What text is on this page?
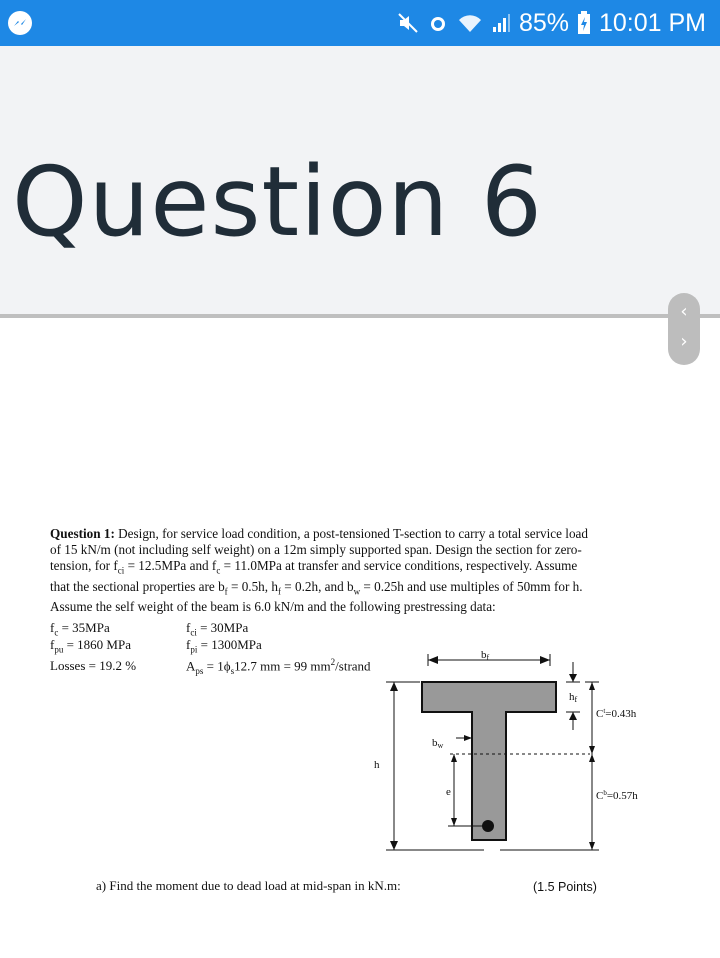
85% 10:01 PM
Question 6
‹
›
Question 1: Design, for service load condition, a post-tensioned T-section to carry a total service load
of 15 kN/m (not including self weight) on a 12m simply supported span. Design the section for zero-
tension, for $f_{ci} = 12.5MPa$ and $f_c = 11.0MPa$ at transfer and service conditions, respectively. Assume
that the sectional properties are $b_f = 0.5h$, $h_f = 0.2h$, and $b_w = 0.25h$ and use multiples of 50mm for h.
Assume the self weight of the beam is 6.0 kN/m and the following prestressing data:
$f_c = 35MPa$	$f_{ci} = 30MPa$
$f_{pu} = 1860$ MPa	$f_{pi} = 1300MPa$
Losses = 19.2 %	$A_{ps} = 1\phi_s12.7$ mm = 99 $mm^2$/strand
bf
h
bw
e
hf
$C^t=0.43h$
$C^b=0.57h$
a) Find the moment due to dead load at mid-span in kN.m:	(1.5 Points)
